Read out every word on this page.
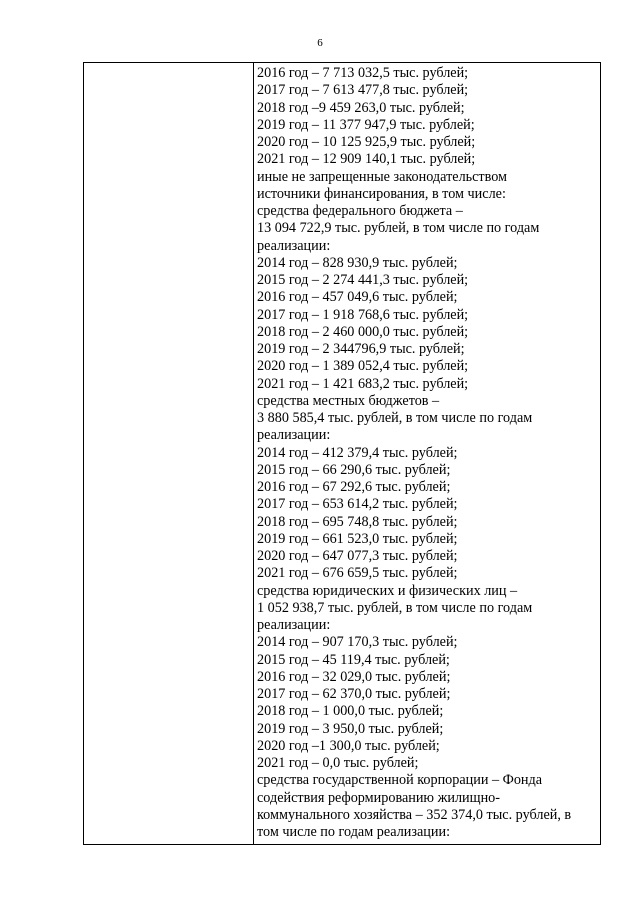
6
2016 год – 7 713 032,5 тыс. рублей;
2017 год – 7 613 477,8 тыс. рублей;
2018 год –9 459 263,0 тыс. рублей;
2019 год – 11 377 947,9 тыс. рублей;
2020 год – 10 125 925,9 тыс. рублей;
2021 год – 12 909 140,1 тыс. рублей;
иные не запрещенные законодательством
источники финансирования, в том числе:
средства федерального бюджета –
13 094 722,9 тыс. рублей, в том числе по годам
реализации:
2014 год – 828 930,9 тыс. рублей;
2015 год – 2 274 441,3 тыс. рублей;
2016 год – 457 049,6 тыс. рублей;
2017 год – 1 918 768,6 тыс. рублей;
2018 год – 2 460 000,0 тыс. рублей;
2019 год – 2 344796,9 тыс. рублей;
2020 год – 1 389 052,4 тыс. рублей;
2021 год – 1 421 683,2 тыс. рублей;
средства местных бюджетов –
3 880 585,4 тыс. рублей, в том числе по годам
реализации:
2014 год – 412 379,4 тыс. рублей;
2015 год – 66 290,6 тыс. рублей;
2016 год – 67 292,6 тыс. рублей;
2017 год – 653 614,2 тыс. рублей;
2018 год – 695 748,8 тыс. рублей;
2019 год – 661 523,0 тыс. рублей;
2020 год – 647 077,3 тыс. рублей;
2021 год – 676 659,5 тыс. рублей;
средства юридических и физических лиц –
1 052 938,7 тыс. рублей, в том числе по годам
реализации:
2014 год – 907 170,3 тыс. рублей;
2015 год – 45 119,4 тыс. рублей;
2016 год – 32 029,0 тыс. рублей;
2017 год – 62 370,0 тыс. рублей;
2018 год – 1 000,0 тыс. рублей;
2019 год – 3 950,0 тыс. рублей;
2020 год –1 300,0 тыс. рублей;
2021 год – 0,0 тыс. рублей;
средства государственной корпорации – Фонда
содействия реформированию жилищно-
коммунального хозяйства – 352 374,0 тыс. рублей, в
том числе по годам реализации:
